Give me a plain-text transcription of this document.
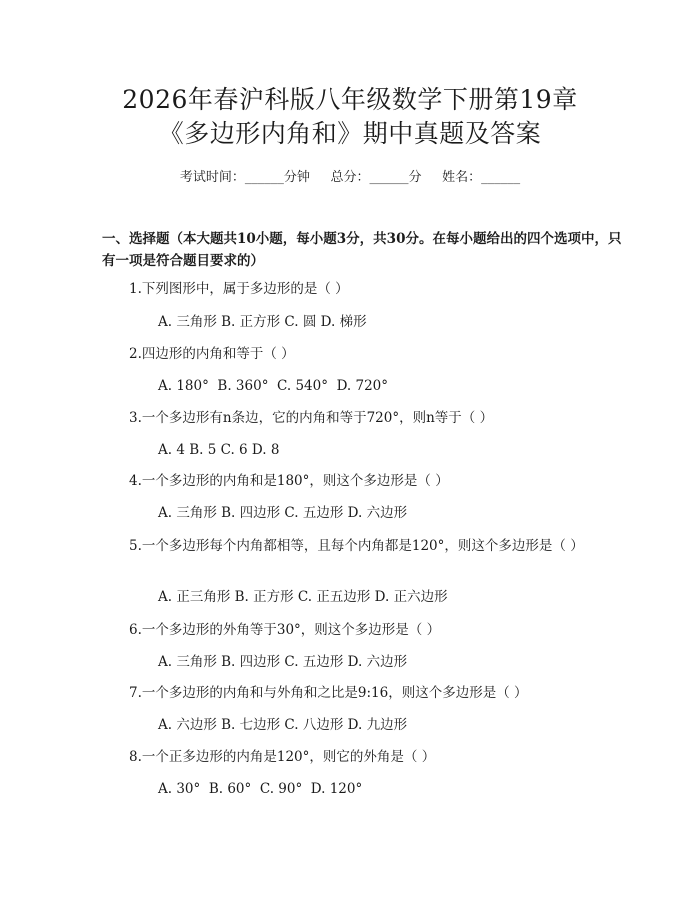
2026年春沪科版八年级数学下册第19章
《多边形内角和》期中真题及答案
考试时间：______分钟     总分：______分     姓名：______
一、选择题（本大题共10小题，每小题3分，共30分。在每小题给出的四个选项中，只有一项是符合题目要求的）
1.下列图形中，属于多边形的是（ ）
A. 三角形 B. 正方形 C. 圆 D. 梯形
2.四边形的内角和等于（ ）
A. 180°  B. 360°  C. 540°  D. 720°
3.一个多边形有n条边，它的内角和等于720°，则n等于（ ）
A. 4 B. 5 C. 6 D. 8
4.一个多边形的内角和是180°，则这个多边形是（ ）
A. 三角形 B. 四边形 C. 五边形 D. 六边形
5.一个多边形每个内角都相等，且每个内角都是120°，则这个多边形是（ ）
A. 正三角形 B. 正方形 C. 正五边形 D. 正六边形
6.一个多边形的外角等于30°，则这个多边形是（ ）
A. 三角形 B. 四边形 C. 五边形 D. 六边形
7.一个多边形的内角和与外角和之比是9:16，则这个多边形是（ ）
A. 六边形 B. 七边形 C. 八边形 D. 九边形
8.一个正多边形的内角是120°，则它的外角是（ ）
A. 30°  B. 60°  C. 90°  D. 120°
